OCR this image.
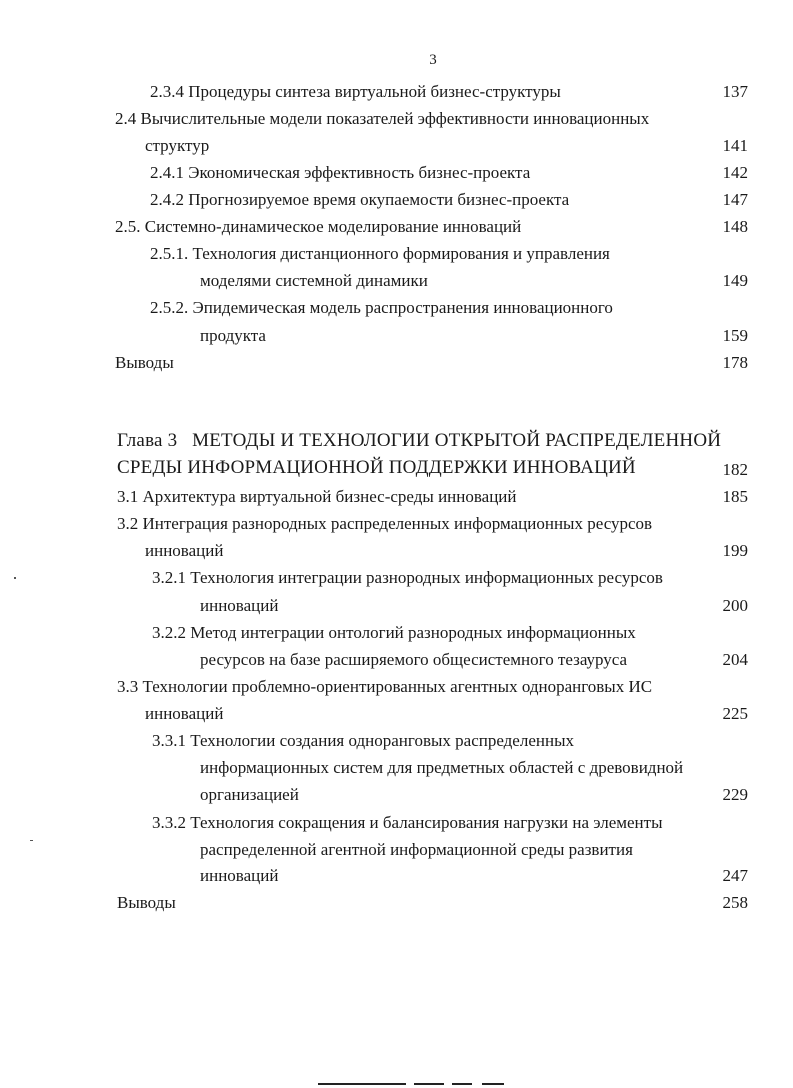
3
2.3.4 Процедуры синтеза виртуальной бизнес-структуры	137
2.4 Вычислительные модели показателей эффективности инновационных
структур	141
2.4.1 Экономическая эффективность бизнес-проекта	142
2.4.2 Прогнозируемое время окупаемости бизнес-проекта	147
2.5. Системно-динамическое моделирование инноваций	148
2.5.1. Технология дистанционного формирования и управления
моделями системной динамики	149
2.5.2. Эпидемическая модель распространения инновационного
продукта	159
Выводы	178
Глава 3   МЕТОДЫ И ТЕХНОЛОГИИ ОТКРЫТОЙ РАСПРЕДЕЛЕННОЙ
СРЕДЫ ИНФОРМАЦИОННОЙ ПОДДЕРЖКИ ИННОВАЦИЙ	182
3.1 Архитектура виртуальной бизнес-среды инноваций	185
3.2 Интеграция разнородных распределенных информационных ресурсов
инноваций	199
3.2.1 Технология интеграции разнородных информационных ресурсов
инноваций	200
3.2.2 Метод интеграции онтологий разнородных информационных
ресурсов на базе расширяемого общесистемного тезауруса	204
3.3 Технологии проблемно-ориентированных агентных одноранговых ИС
инноваций	225
3.3.1 Технологии создания одноранговых распределенных
информационных систем для предметных областей с древовидной
организацией	229
3.3.2 Технология сокращения и балансирования нагрузки на элементы
распределенной агентной информационной среды развития
инноваций	247
Выводы	258
